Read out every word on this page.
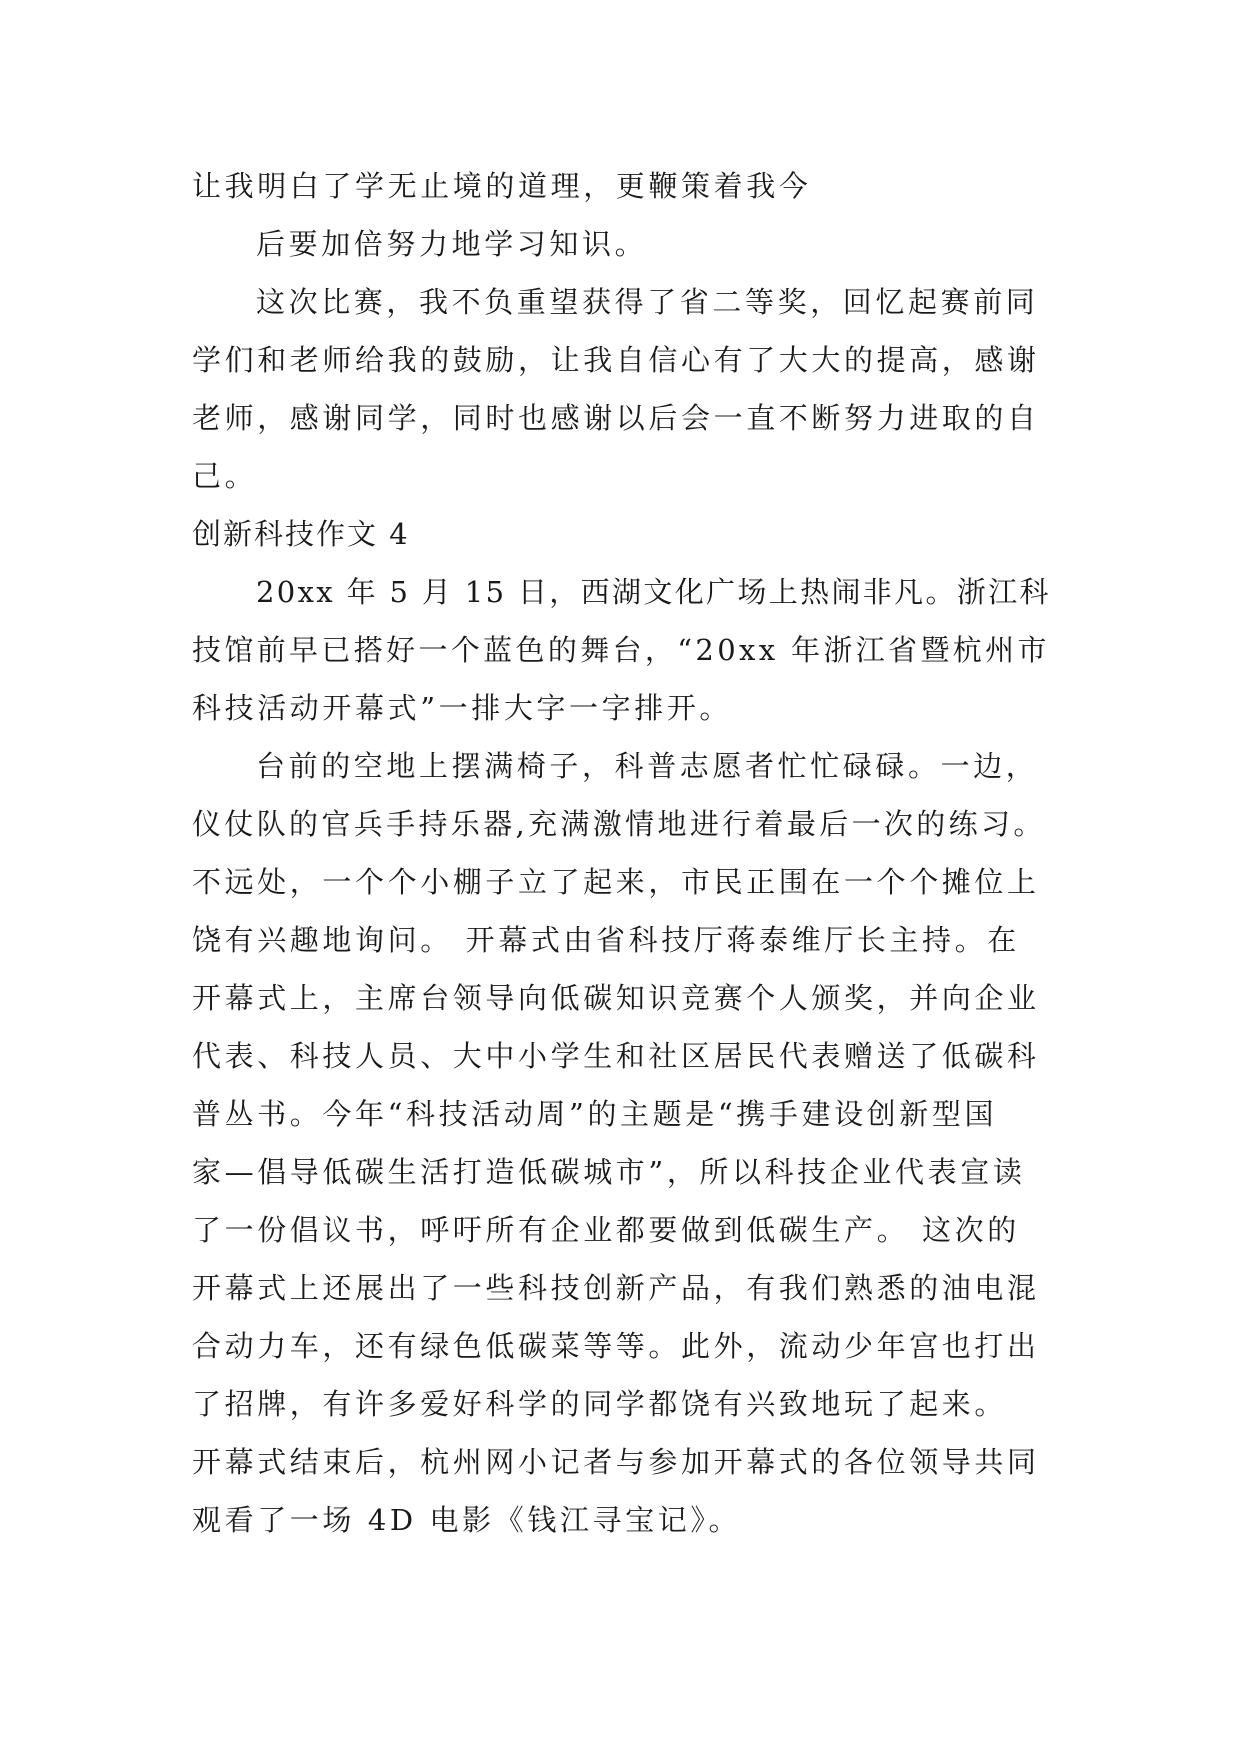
让我明白了学无止境的道理，更鞭策着我今
后要加倍努力地学习知识。
这次比赛，我不负重望获得了省二等奖，回忆起赛前同
学们和老师给我的鼓励，让我自信心有了大大的提高，感谢
老师，感谢同学，同时也感谢以后会一直不断努力进取的自
己。
创新科技作文 4
20xx 年 5 月 15 日，西湖文化广场上热闹非凡。浙江科
技馆前早已搭好一个蓝色的舞台，“20xx 年浙江省暨杭州市
科技活动开幕式”一排大字一字排开。
台前的空地上摆满椅子，科普志愿者忙忙碌碌。一边，
仪仗队的官兵手持乐器,充满激情地进行着最后一次的练习。
不远处，一个个小棚子立了起来，市民正围在一个个摊位上
饶有兴趣地询问。 开幕式由省科技厅蒋泰维厅长主持。在
开幕式上，主席台领导向低碳知识竞赛个人颁奖，并向企业
代表、科技人员、大中小学生和社区居民代表赠送了低碳科
普丛书。今年“科技活动周”的主题是“携手建设创新型国
家—倡导低碳生活打造低碳城市”，所以科技企业代表宣读
了一份倡议书，呼吁所有企业都要做到低碳生产。 这次的
开幕式上还展出了一些科技创新产品，有我们熟悉的油电混
合动力车，还有绿色低碳菜等等。此外，流动少年宫也打出
了招牌，有许多爱好科学的同学都饶有兴致地玩了起来。
开幕式结束后，杭州网小记者与参加开幕式的各位领导共同
观看了一场 4D 电影《钱江寻宝记》。
